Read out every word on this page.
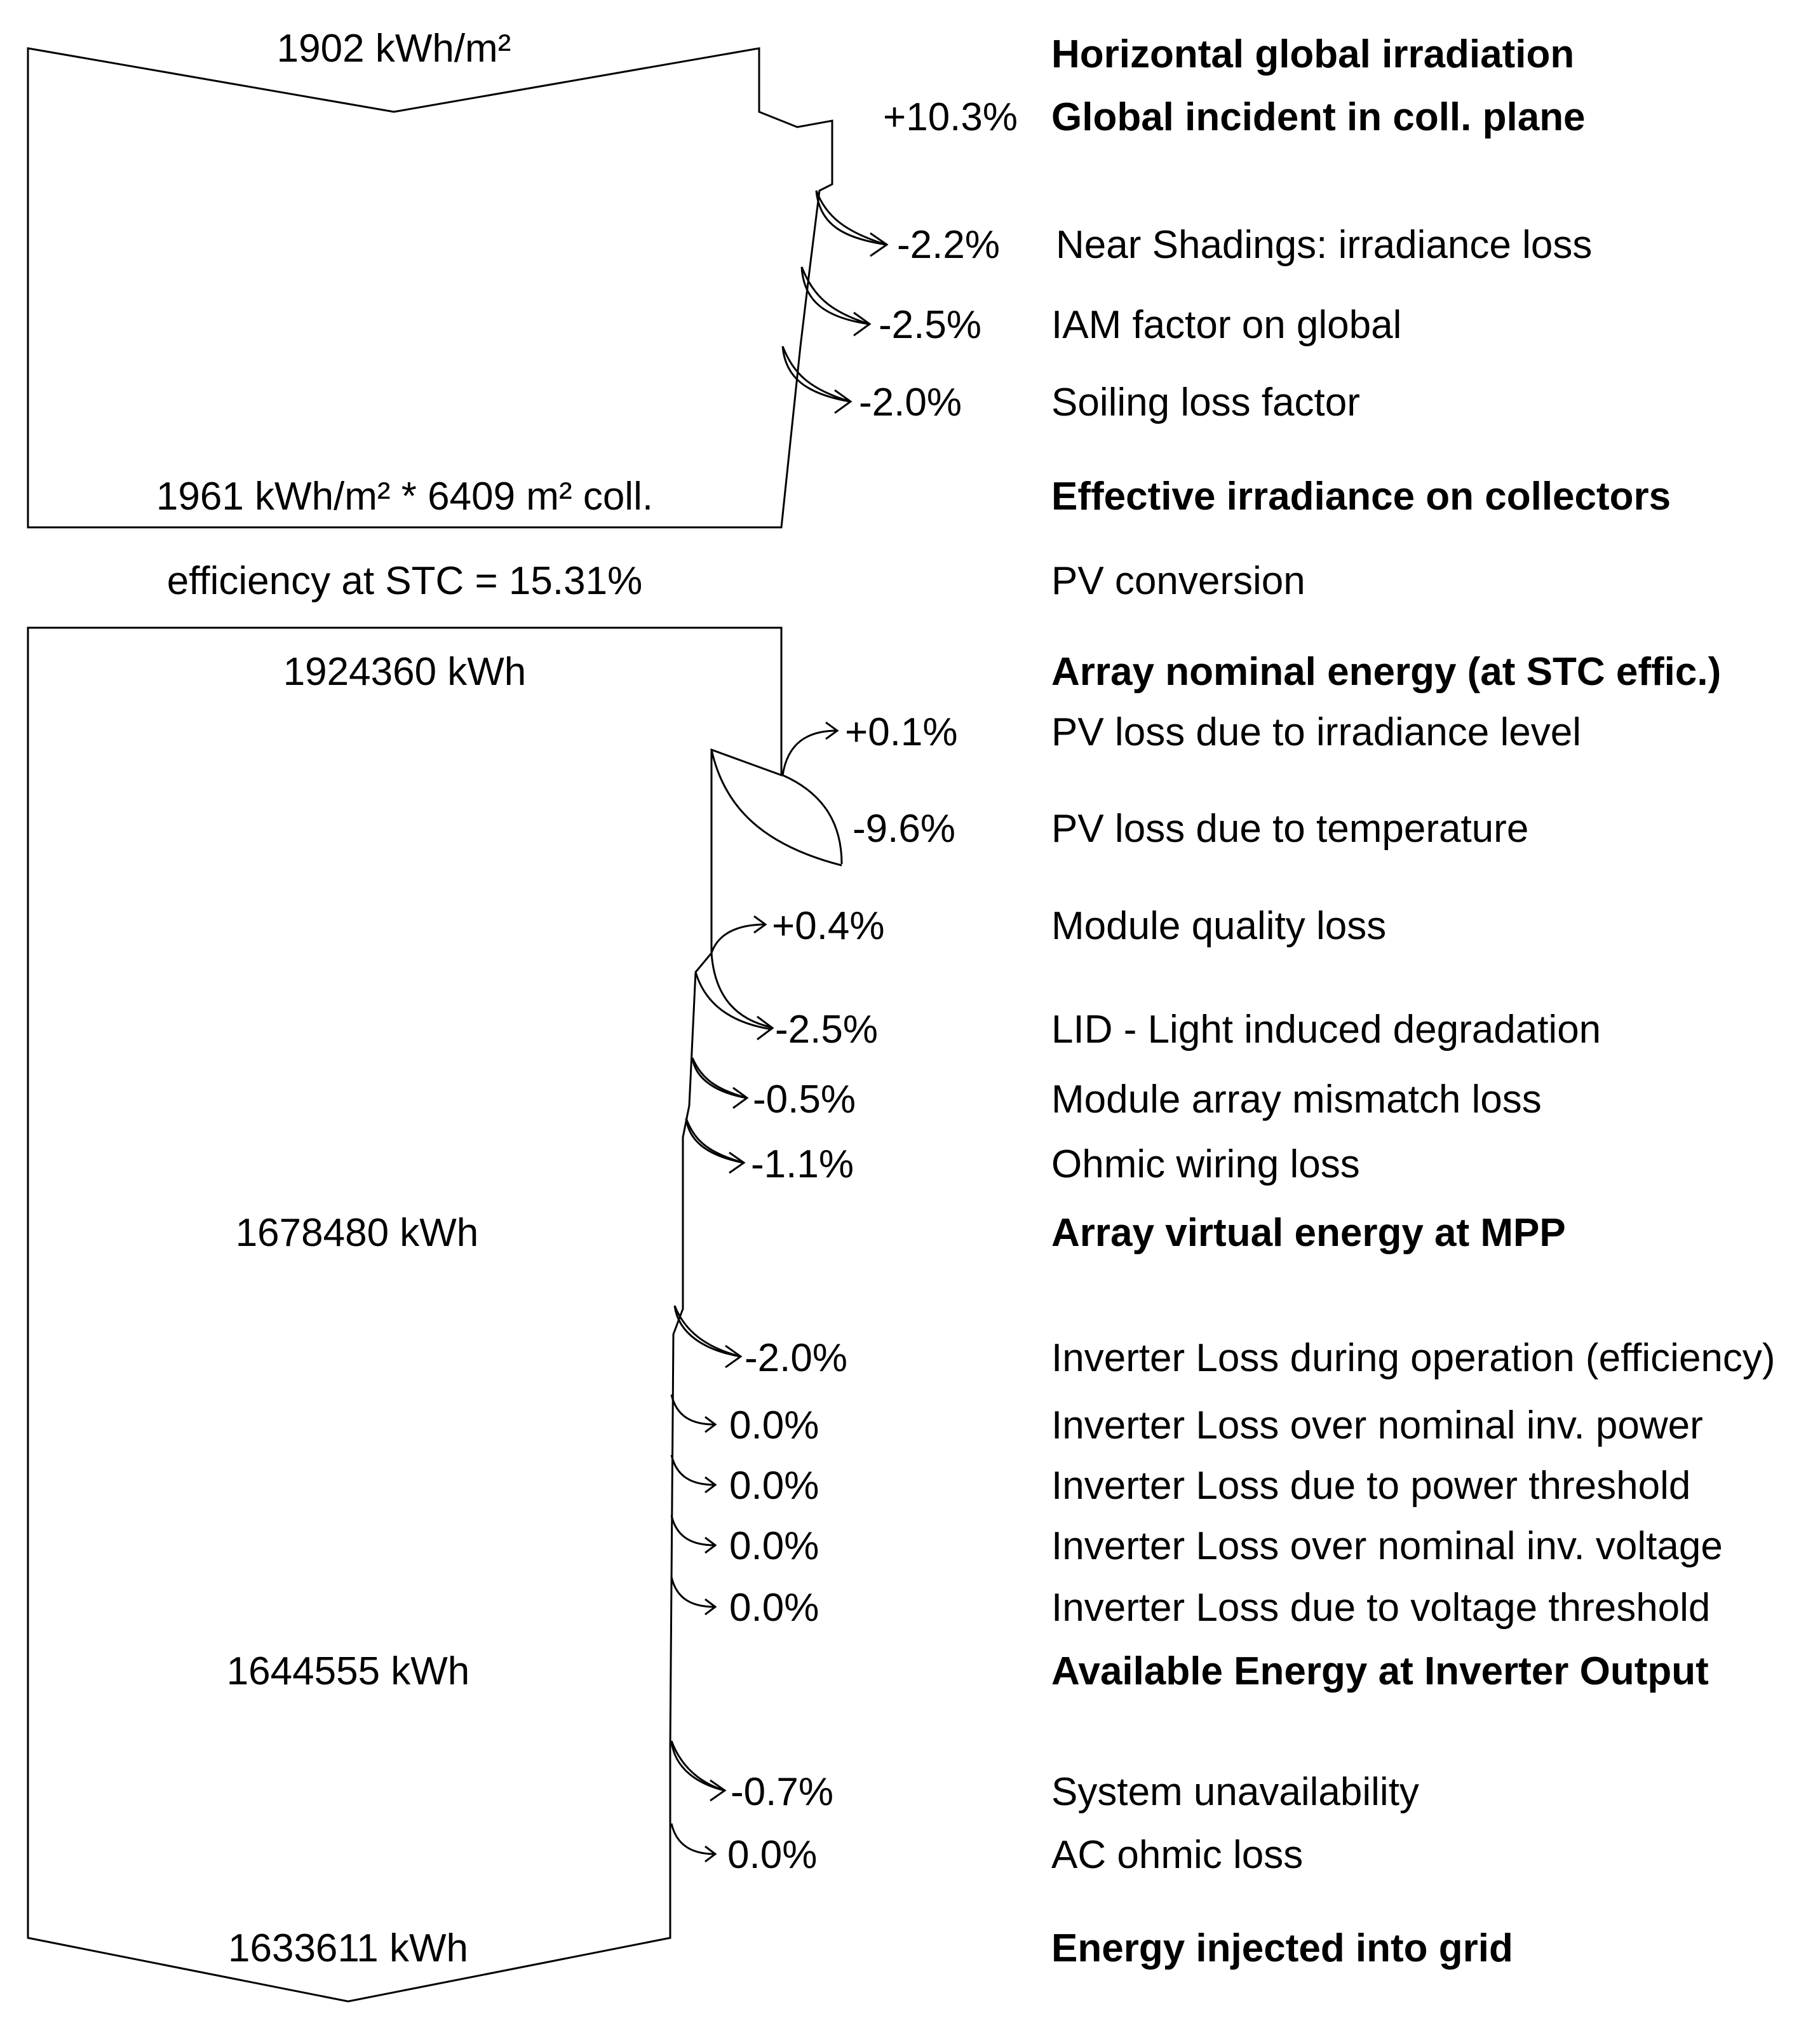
1902 kWh/m²
1961 kWh/m² * 6409 m² coll.
efficiency at STC = 15.31%
1924360 kWh
1678480 kWh
1644555 kWh
1633611 kWh
+10.3%
-2.2%
-2.5%
-2.0%
+0.1%
-9.6%
+0.4%
-2.5%
-0.5%
-1.1%
-2.0%
0.0%
0.0%
0.0%
0.0%
-0.7%
0.0%
Horizontal global irradiation
Global incident in coll. plane
Near Shadings: irradiance loss
IAM factor on global
Soiling loss factor
Effective irradiance on collectors
PV conversion
Array nominal energy (at STC effic.)
PV loss due to irradiance level
PV loss due to temperature
Module quality loss
LID - Light induced degradation
Module array mismatch loss
Ohmic wiring loss
Array virtual energy at MPP
Inverter Loss during operation (efficiency)
Inverter Loss over nominal inv. power
Inverter Loss due to power threshold
Inverter Loss over nominal inv. voltage
Inverter Loss due to voltage threshold
Available Energy at Inverter Output
System unavailability
AC ohmic loss
Energy injected into grid
